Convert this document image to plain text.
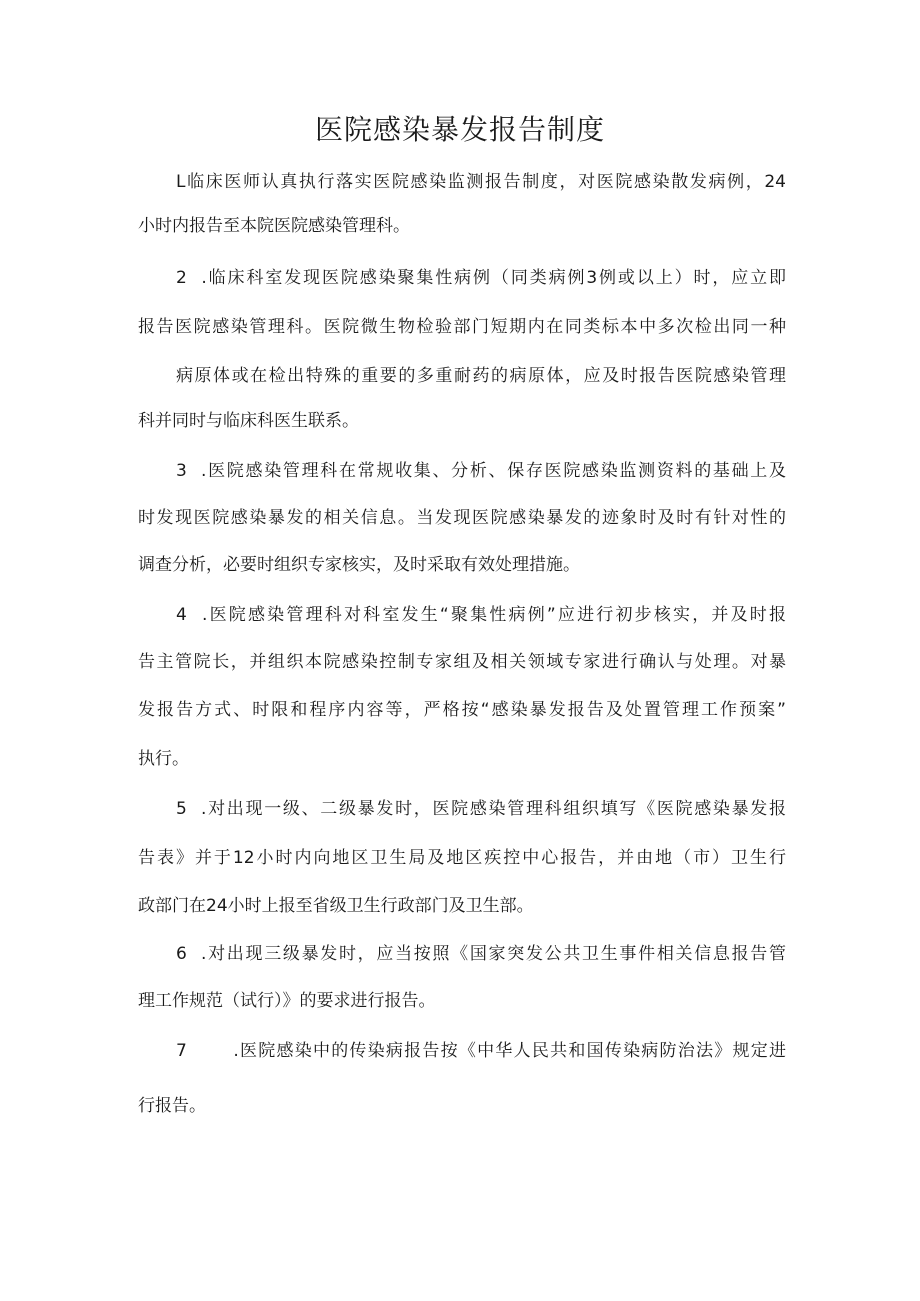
医院感染暴发报告制度

L临床医师认真执行落实医院感染监测报告制度，对医院感染散发病例，24

小时内报告至本院医院感染管理科。

2  .临床科室发现医院感染聚集性病例（同类病例3例或以上）时，应立即

报告医院感染管理科。医院微生物检验部门短期内在同类标本中多次检出同一种

病原体或在检出特殊的重要的多重耐药的病原体，应及时报告医院感染管理

科并同时与临床科医生联系。

3  .医院感染管理科在常规收集、分析、保存医院感染监测资料的基础上及

时发现医院感染暴发的相关信息。当发现医院感染暴发的迹象时及时有针对性的

调查分析，必要时组织专家核实，及时采取有效处理措施。

4  .医院感染管理科对科室发生“聚集性病例”应进行初步核实，并及时报

告主管院长，并组织本院感染控制专家组及相关领域专家进行确认与处理。对暴

发报告方式、时限和程序内容等，严格按“感染暴发报告及处置管理工作预案”

执行。

5  .对出现一级、二级暴发时，医院感染管理科组织填写《医院感染暴发报

告表》并于12小时内向地区卫生局及地区疾控中心报告，并由地（市）卫生行

政部门在24小时上报至省级卫生行政部门及卫生部。

6  .对出现三级暴发时，应当按照《国家突发公共卫生事件相关信息报告管

理工作规范（试行）》的要求进行报告。

7       .医院感染中的传染病报告按《中华人民共和国传染病防治法》规定进

行报告。
